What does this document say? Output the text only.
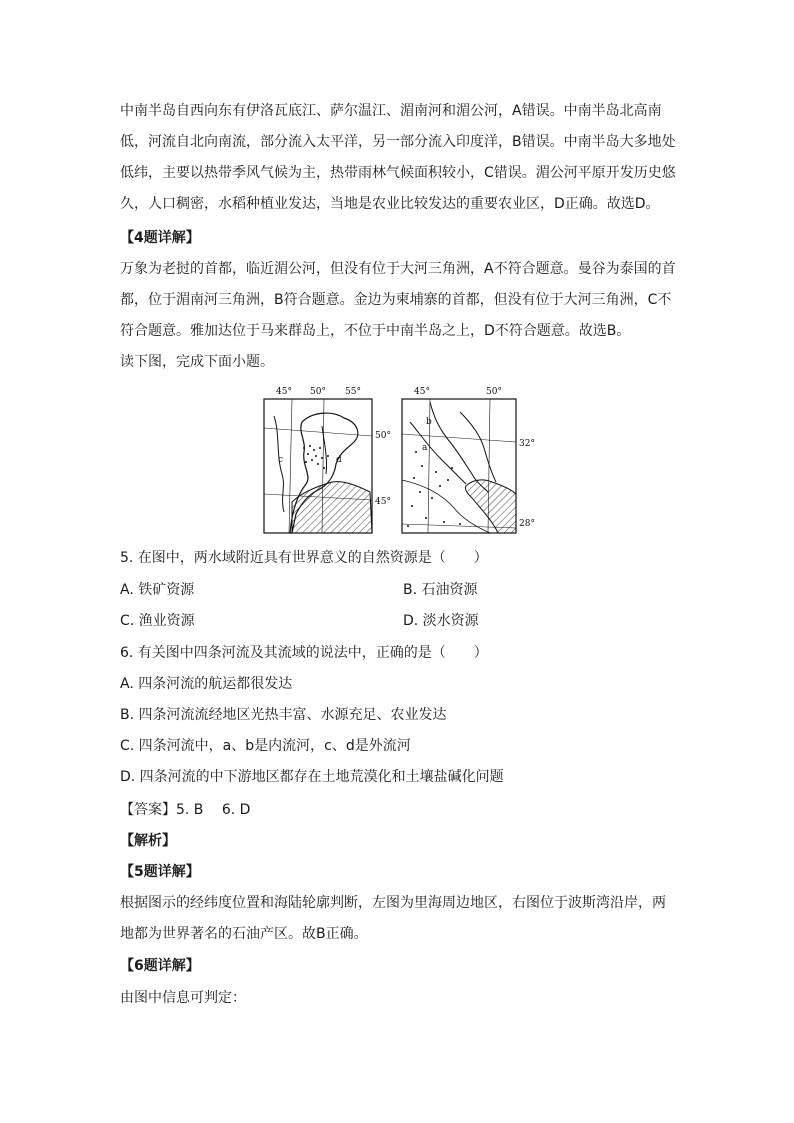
中南半岛自西向东有伊洛瓦底江、萨尔温江、湄南河和湄公河，A错误。中南半岛北高南低，河流自北向南流，部分流入太平洋，另一部分流入印度洋，B错误。中南半岛大多地处低纬，主要以热带季风气候为主，热带雨林气候面积较小，C错误。湄公河平原开发历史悠久，人口稠密，水稻种植业发达，当地是农业比较发达的重要农业区，D正确。故选D。

【4题详解】

万象为老挝的首都，临近湄公河，但没有位于大河三角洲，A不符合题意。曼谷为泰国的首都，位于湄南河三角洲，B符合题意。金边为柬埔寨的首都，但没有位于大河三角洲，C不符合题意。雅加达位于马来群岛上，不位于中南半岛之上，D不符合题意。故选B。

读下图，完成下面小题。
45° 50° 55°
50°
45°
c	d
45°	50°
32°
28°
b
a
5. 在图中，两水域附近具有世界意义的自然资源是（　　）
A. 铁矿资源	B. 石油资源
C. 渔业资源	D. 淡水资源
6. 有关图中四条河流及其流域的说法中，正确的是（　　）
A. 四条河流的航运都很发达
B. 四条河流流经地区光热丰富、水源充足、农业发达
C. 四条河流中，a、b是内流河，c、d是外流河
D. 四条河流的中下游地区都存在土地荒漠化和土壤盐碱化问题
【答案】5. B　 6. D
【解析】
【5题详解】

根据图示的经纬度位置和海陆轮廓判断，左图为里海周边地区，右图位于波斯湾沿岸，两地都为世界著名的石油产区。故B正确。

【6题详解】
由图中信息可判定：
